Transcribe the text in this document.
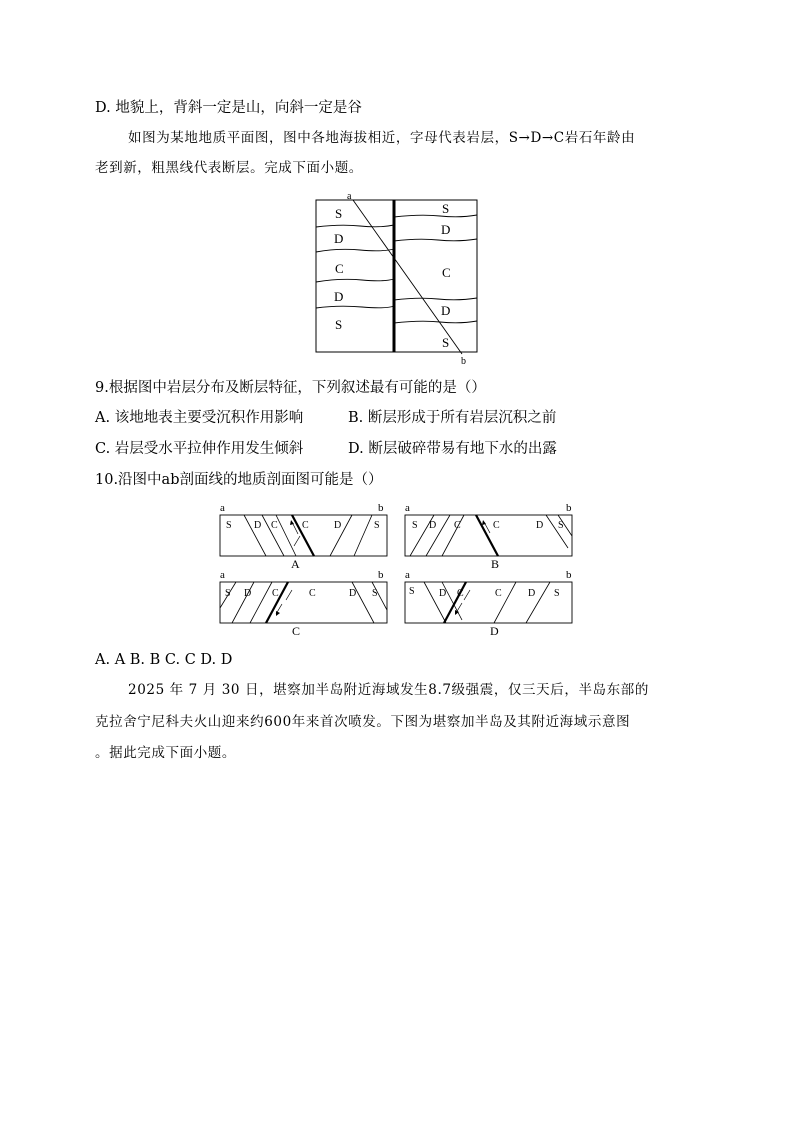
D. 地貌上，背斜一定是山，向斜一定是谷
如图为某地地质平面图，图中各地海拔相近，字母代表岩层，S→D→C岩石年龄由
老到新，粗黑线代表断层。完成下面小题。
a
b
S
D
C
D
S
S
D
C
D
S
9.根据图中岩层分布及断层特征，下列叙述最有可能的是（）
A. 该地地表主要受沉积作用影响	B. 断层形成于所有岩层沉积之前
C. 岩层受水平拉伸作用发生倾斜	D. 断层破碎带易有地下水的出露
10.沿图中ab剖面线的地质剖面图可能是（）
a	b
S D C C	D	S
A
a	b
S D C	C	D S
B
a	b
S D C	C	D S
C
a	b
S D C	C	D S
D
A. A B. B C. C D. D
2025 年 7 月 30 日，堪察加半岛附近海域发生8.7级强震，仅三天后，半岛东部的
克拉舍宁尼科夫火山迎来约600年来首次喷发。下图为堪察加半岛及其附近海域示意图
。据此完成下面小题。
